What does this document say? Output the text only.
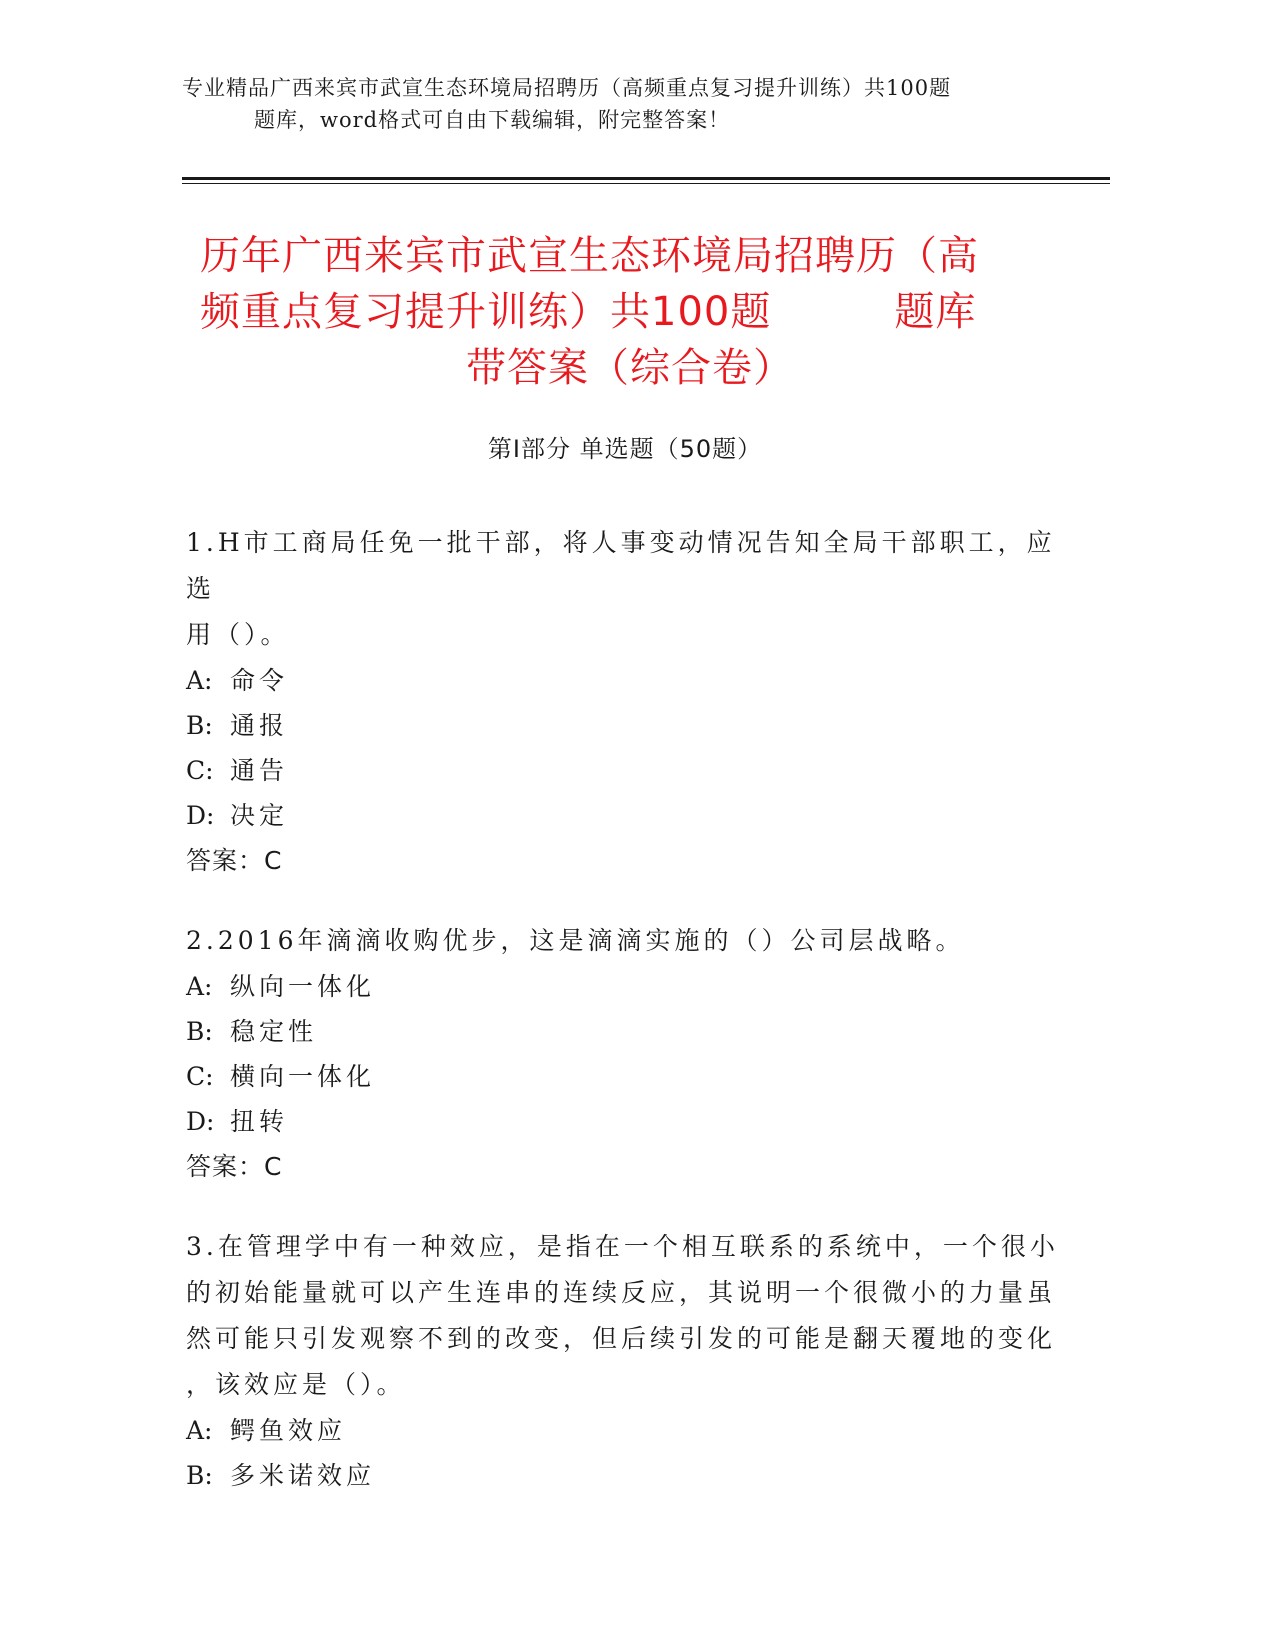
专业精品广西来宾市武宣生态环境局招聘历（高频重点复习提升训练）共100题
题库，word格式可自由下载编辑，附完整答案！
历年广西来宾市武宣生态环境局招聘历（高
频重点复习提升训练）共100题　　　题库
带答案（综合卷）
第Ⅰ部分 单选题（50题）

1.H市工商局任免一批干部，将人事变动情况告知全局干部职工，应选

用（）。

A: 命令

B: 通报

C: 通告

D: 决定

答案：C

2.2016年滴滴收购优步，这是滴滴实施的（）公司层战略。

A: 纵向一体化

B: 稳定性

C: 横向一体化

D: 扭转

答案：C

3.在管理学中有一种效应，是指在一个相互联系的系统中，一个很小

的初始能量就可以产生连串的连续反应，其说明一个很微小的力量虽

然可能只引发观察不到的改变，但后续引发的可能是翻天覆地的变化

，该效应是（）。

A: 鳄鱼效应

B: 多米诺效应
